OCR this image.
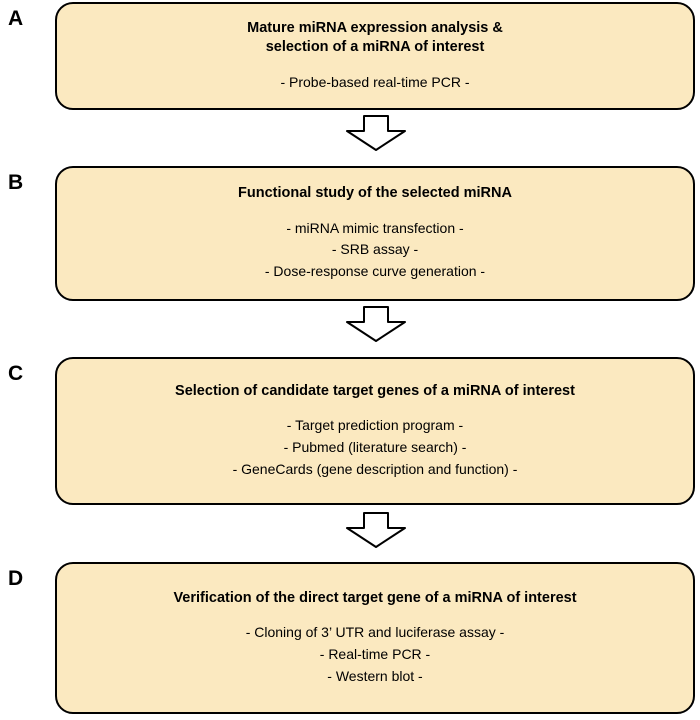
A	Mature miRNA expression analysis &
selection of a miRNA of interest
- Probe-based real-time PCR -
B	Functional study of the selected miRNA
- miRNA mimic transfection -
- SRB assay -
- Dose-response curve generation -
C
Selection of candidate target genes of a miRNA of interest
- Target prediction program -
- Pubmed (literature search) -
- GeneCards (gene description and function) -
D
Verification of the direct target gene of a miRNA of interest
- Cloning of 3’ UTR and luciferase assay -
- Real-time PCR -
- Western blot -
